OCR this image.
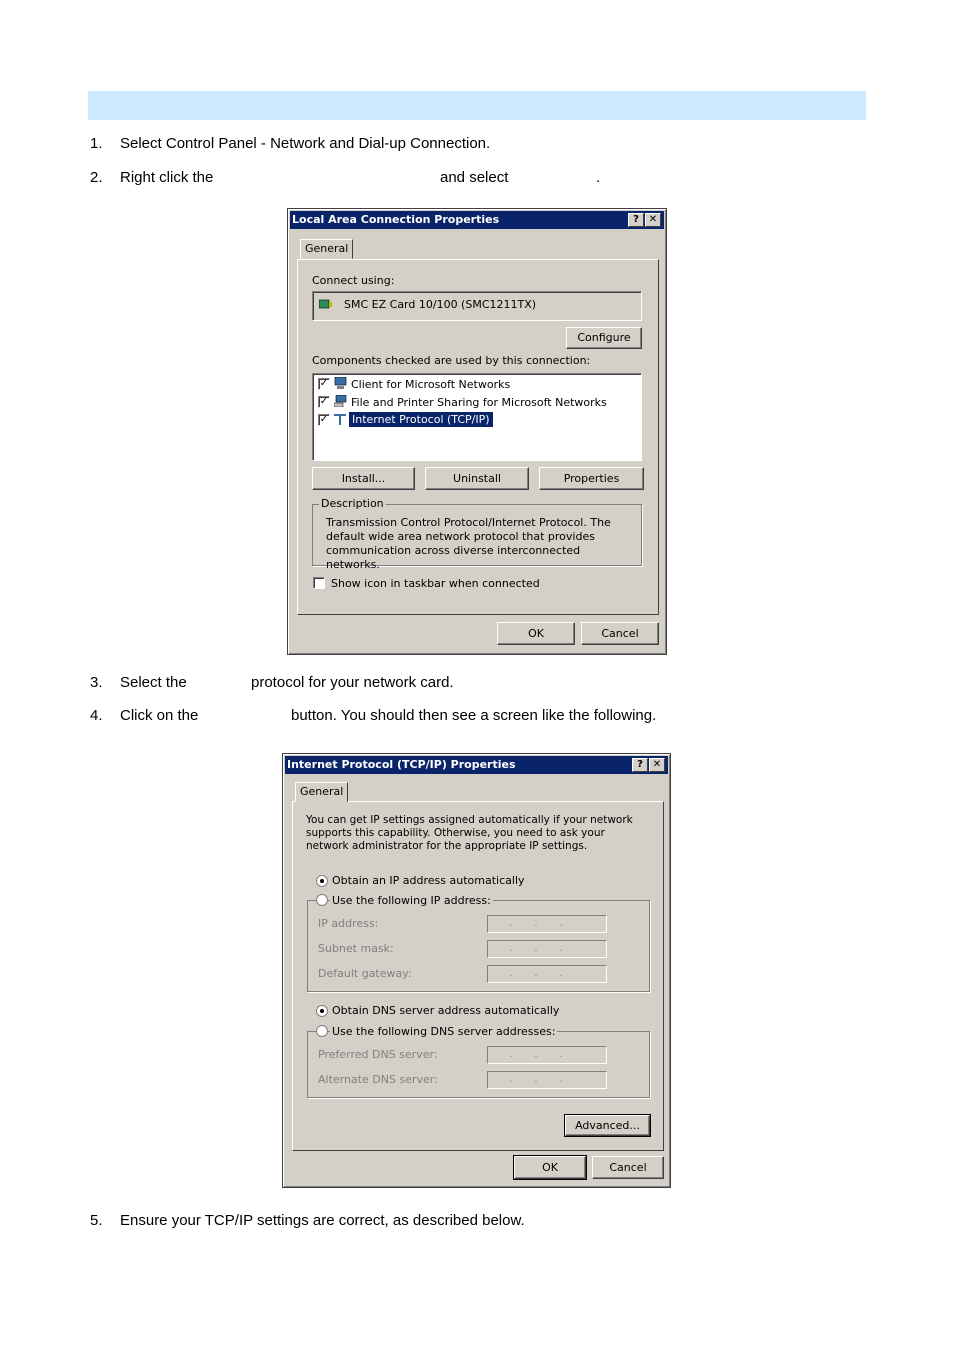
1. Select Control Panel - Network and Dial-up Connection.
2. Right click the	and select	.
Local Area Connection Properties	? ✕
General
Connect using:
SMC EZ Card 10/100 (SMC1211TX)
Configure
Components checked are used by this connection:
✓ Client for Microsoft Networks
✓ File and Printer Sharing for Microsoft Networks
✓ Internet Protocol (TCP/IP)
Install...	Uninstall	Properties
Description
Transmission Control Protocol/Internet Protocol. The default wide area network protocol that provides communication across diverse interconnected networks.
Show icon in taskbar when connected
OK	Cancel
3. Select the	protocol for your network card.
4. Click on the	button. You should then see a screen like the following.
Internet Protocol (TCP/IP) Properties	? ✕
General
You can get IP settings assigned automatically if your network supports this capability. Otherwise, you need to ask your network administrator for the appropriate IP settings.
Obtain an IP address automatically
Use the following IP address:
IP address:	...
Subnet mask:	...
Default gateway:	...
Obtain DNS server address automatically
Use the following DNS server addresses:
Preferred DNS server:	...
Alternate DNS server:	...
Advanced...
OK	Cancel
5. Ensure your TCP/IP settings are correct, as described below.
